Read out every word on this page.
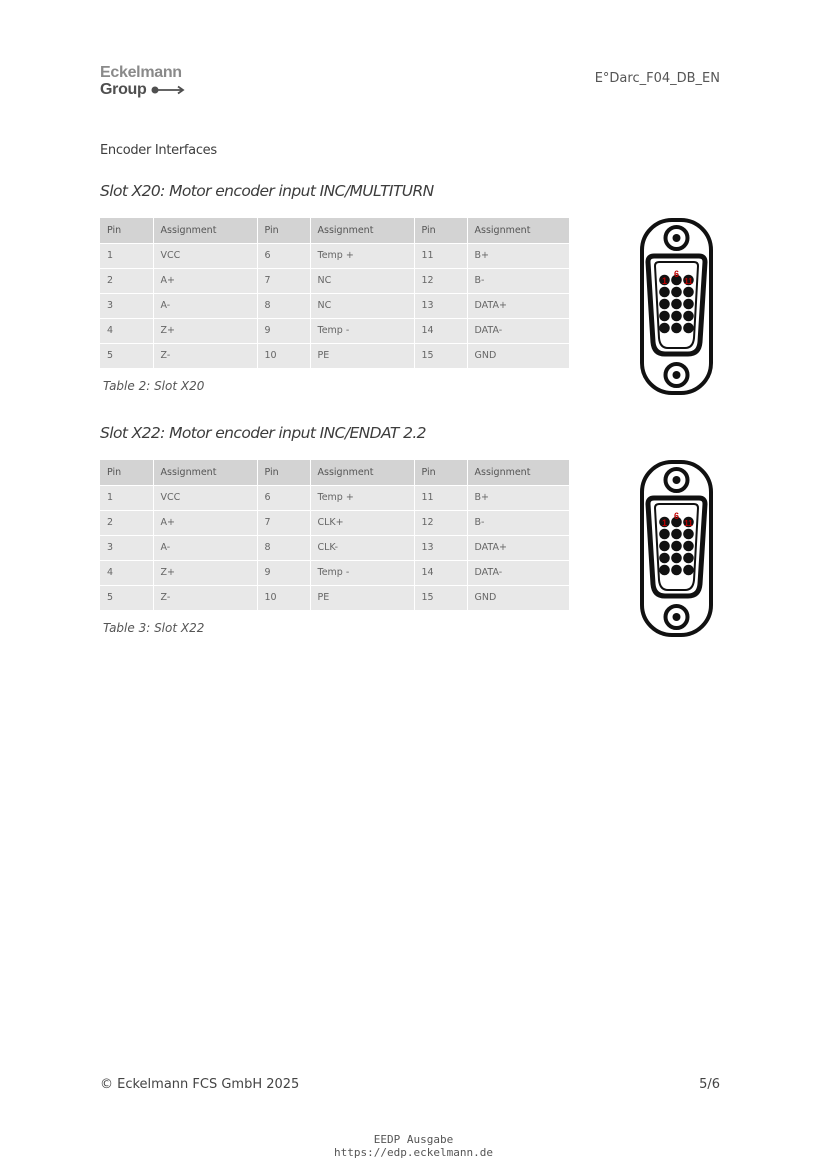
Eckelmann
Group
E°Darc_F04_DB_EN
Encoder Interfaces
Slot X20: Motor encoder input INC/MULTITURN
Pin	Assignment	Pin	Assignment	Pin	Assignment
1	VCC	6	Temp +	11	B+
2	A+	7	NC	12	B-
3	A-	8	NC	13	DATA+
4	Z+	9	Temp -	14	DATA-
5	Z-	10	PE	15	GND
Table 2: Slot X20
1
6
11
Slot X22: Motor encoder input INC/ENDAT 2.2
Pin	Assignment	Pin	Assignment	Pin	Assignment
1	VCC	6	Temp +	11	B+
2	A+	7	CLK+	12	B-
3	A-	8	CLK-	13	DATA+
4	Z+	9	Temp -	14	DATA-
5	Z-	10	PE	15	GND
Table 3: Slot X22
1
6
11
© Eckelmann FCS GmbH 2025	5/6
EEDP Ausgabe
https://edp.eckelmann.de
